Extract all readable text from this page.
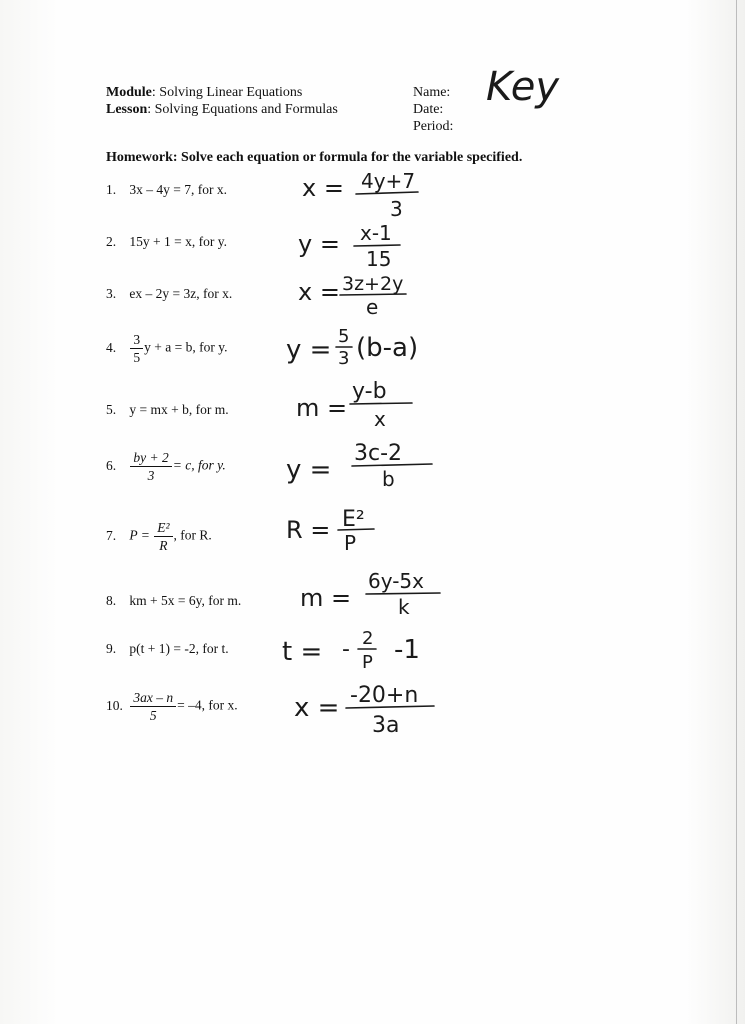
Module: Solving Linear Equations
Lesson: Solving Equations and Formulas
Name:
Date:
Period:
Key
Homework: Solve each equation or formula for the variable specified.
1. 3x – 4y = 7, for x.
2. 15y + 1 = x, for y.
3. ex – 2y = 3z, for x.
4. $\frac{3}{5}$ y + a = b, for y.
5. y = mx + b, for m.
6. $\frac{by + 2}{3} = c$, for y.
7. $P = \frac{\text{E²}}{R}$ , for R.
8. km + 5x = 6y, for m.
9. p(t + 1) = -2, for t.
10. $\frac{3ax - n}{5} = -4$, for x.
x = 4y+7
3
y = x-1
15
x = 3z+2y
e
y = 5
3 (b-a)
m =
y-b
x
y =
3c-2
b
R = E²
P
m =
6y-5x
k
t = - 2
P -1
x = -20+n
3a
